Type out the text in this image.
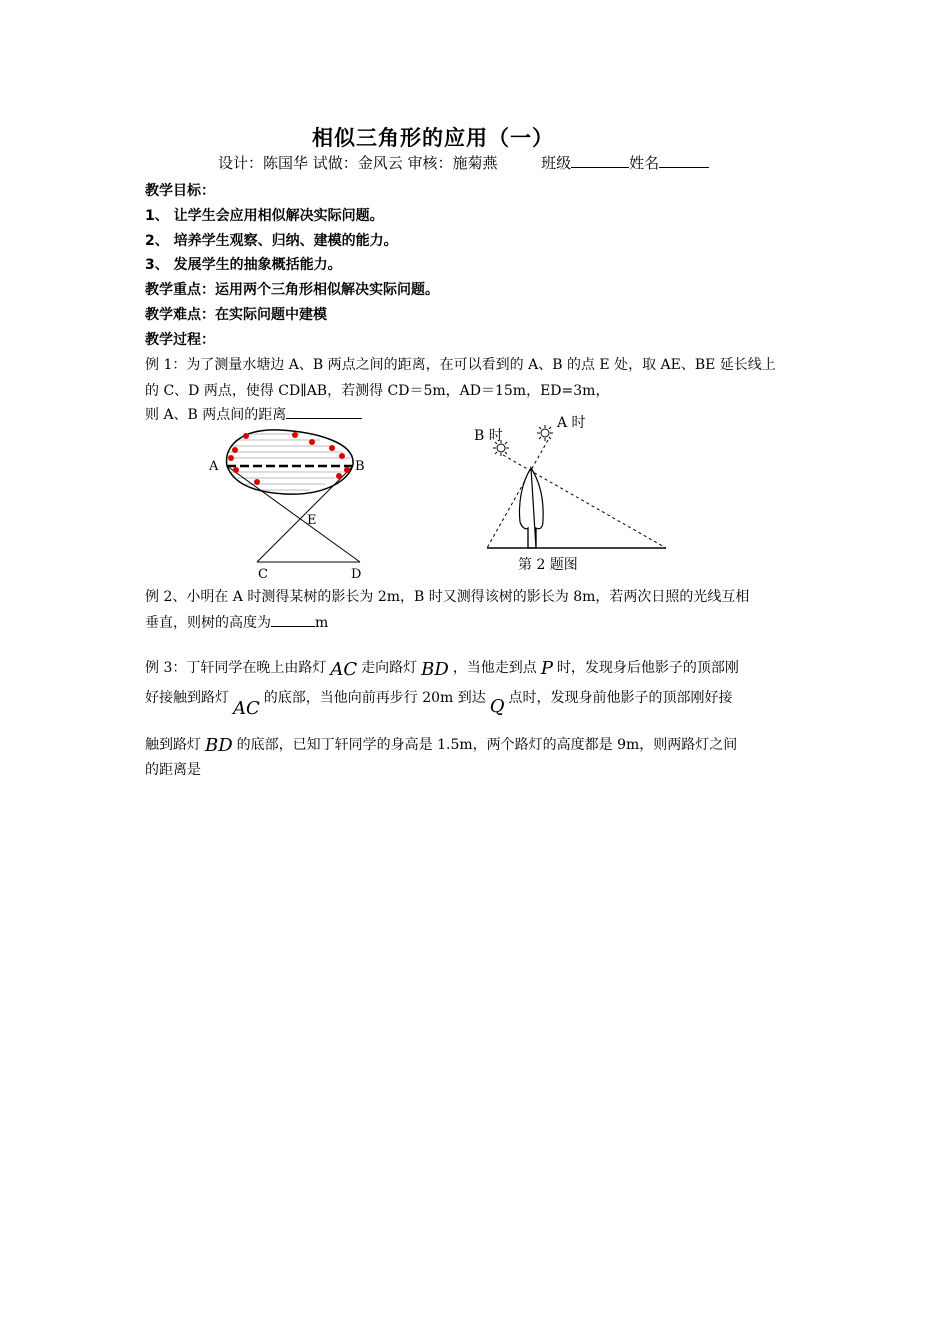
相似三角形的应用（一）
设计：陈国华 试做：金风云 审核：施菊燕	班级	姓名
教学目标：
1、 让学生会应用相似解决实际问题。
2、 培养学生观察、归纳、建模的能力。
3、 发展学生的抽象概括能力。
教学重点：运用两个三角形相似解决实际问题。
教学难点：在实际问题中建模
教学过程：
例 1：为了测量水塘边 A、B 两点之间的距离，在可以看到的 A、B 的点 E 处，取 AE、BE 延长线上
的 C、D 两点，使得 CD∥AB，若测得 CD＝5m，AD＝15m，ED=3m，
则 A、B 两点间的距离
A	B
E
C	D
B 时
A 时
第 2 题图
例 2、小明在 A 时测得某树的影长为 2m，B 时又测得该树的影长为 8m，若两次日照的光线互相
垂直，则树的高度为	m
例 3：丁轩同学在晚上由路灯 AC 走向路灯 BD ，当他走到点 P 时，发现身后他影子的顶部刚
好接触到路灯 AC 的底部，当他向前再步行 20m 到达 Q 点时，发现身前他影子的顶部刚好接
触到路灯 BD 的底部，已知丁轩同学的身高是 1.5m，两个路灯的高度都是 9m，则两路灯之间
的距离是
